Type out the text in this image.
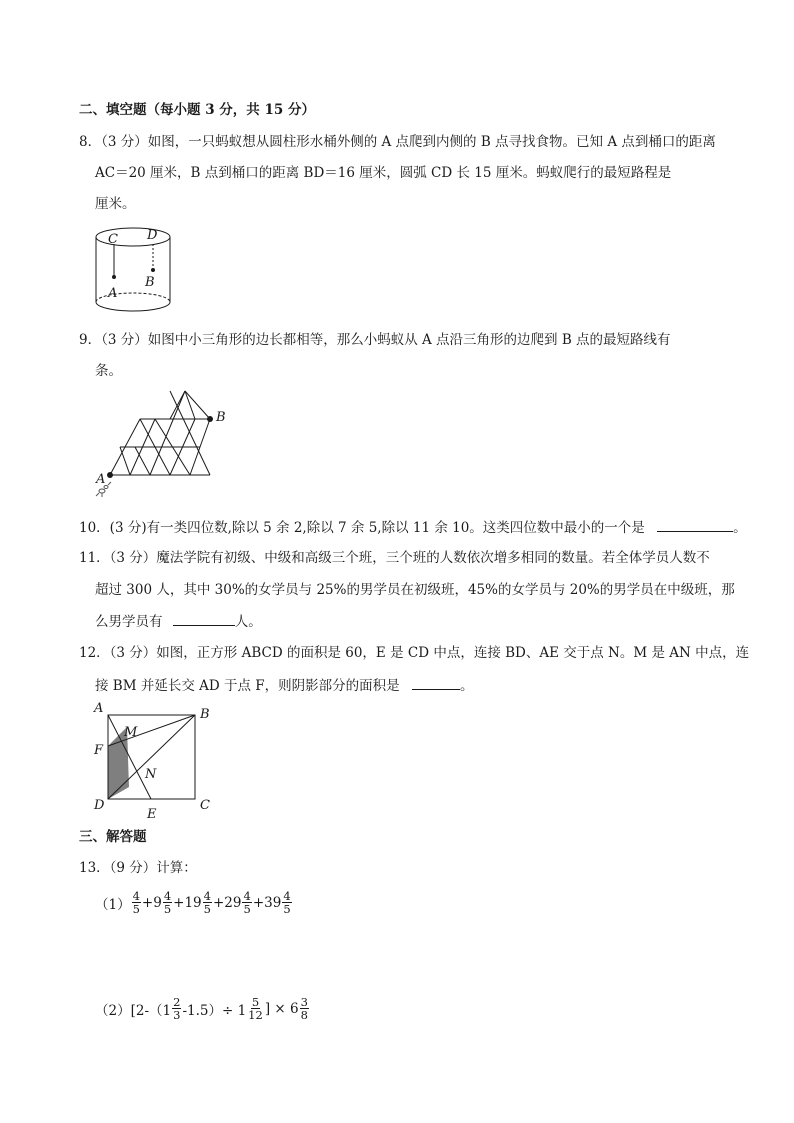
二、填空题（每小题 3 分，共 15 分）
8．（3 分）如图，一只蚂蚁想从圆柱形水桶外侧的 A 点爬到内侧的 B 点寻找食物。已知 A 点到桶口的距离
AC＝20 厘米，B 点到桶口的距离 BD＝16 厘米，圆弧 CD 长 15 厘米。蚂蚁爬行的最短路程是
厘米。
C D
A
B
9．（3 分）如图中小三角形的边长都相等，那么小蚂蚁从 A 点沿三角形的边爬到 B 点的最短路线有
条。
A
B
10．(3 分)有一类四位数,除以 5 余 2,除以 7 余 5,除以 11 余 10。这类四位数中最小的一个是	。
11．（3 分）魔法学院有初级、中级和高级三个班，三个班的人数依次增多相同的数量。若全体学员人数不
超过 300 人，其中 30%的女学员与 25%的男学员在初级班，45%的女学员与 20%的男学员在中级班，那
么男学员有	人。
12．（3 分）如图，正方形 ABCD 的面积是 60，E 是 CD 中点，连接 BD、AE 交于点 N。M 是 AN 中点，连
接 BM 并延长交 AD 于点 F，则阴影部分的面积是	。
A	B
C
D
E
F
M
N
三、解答题
13．（9 分）计算：
$(1) \frac{4}{5} +9 \frac{4}{5} +19 \frac{4}{5} +29 \frac{4}{5} +39 \frac{4}{5}$
（2） [$2-(1 \frac{2}{3} -1.5)\div 1 \frac{5}{12}$ ] × $6 \frac{3}{8}$
